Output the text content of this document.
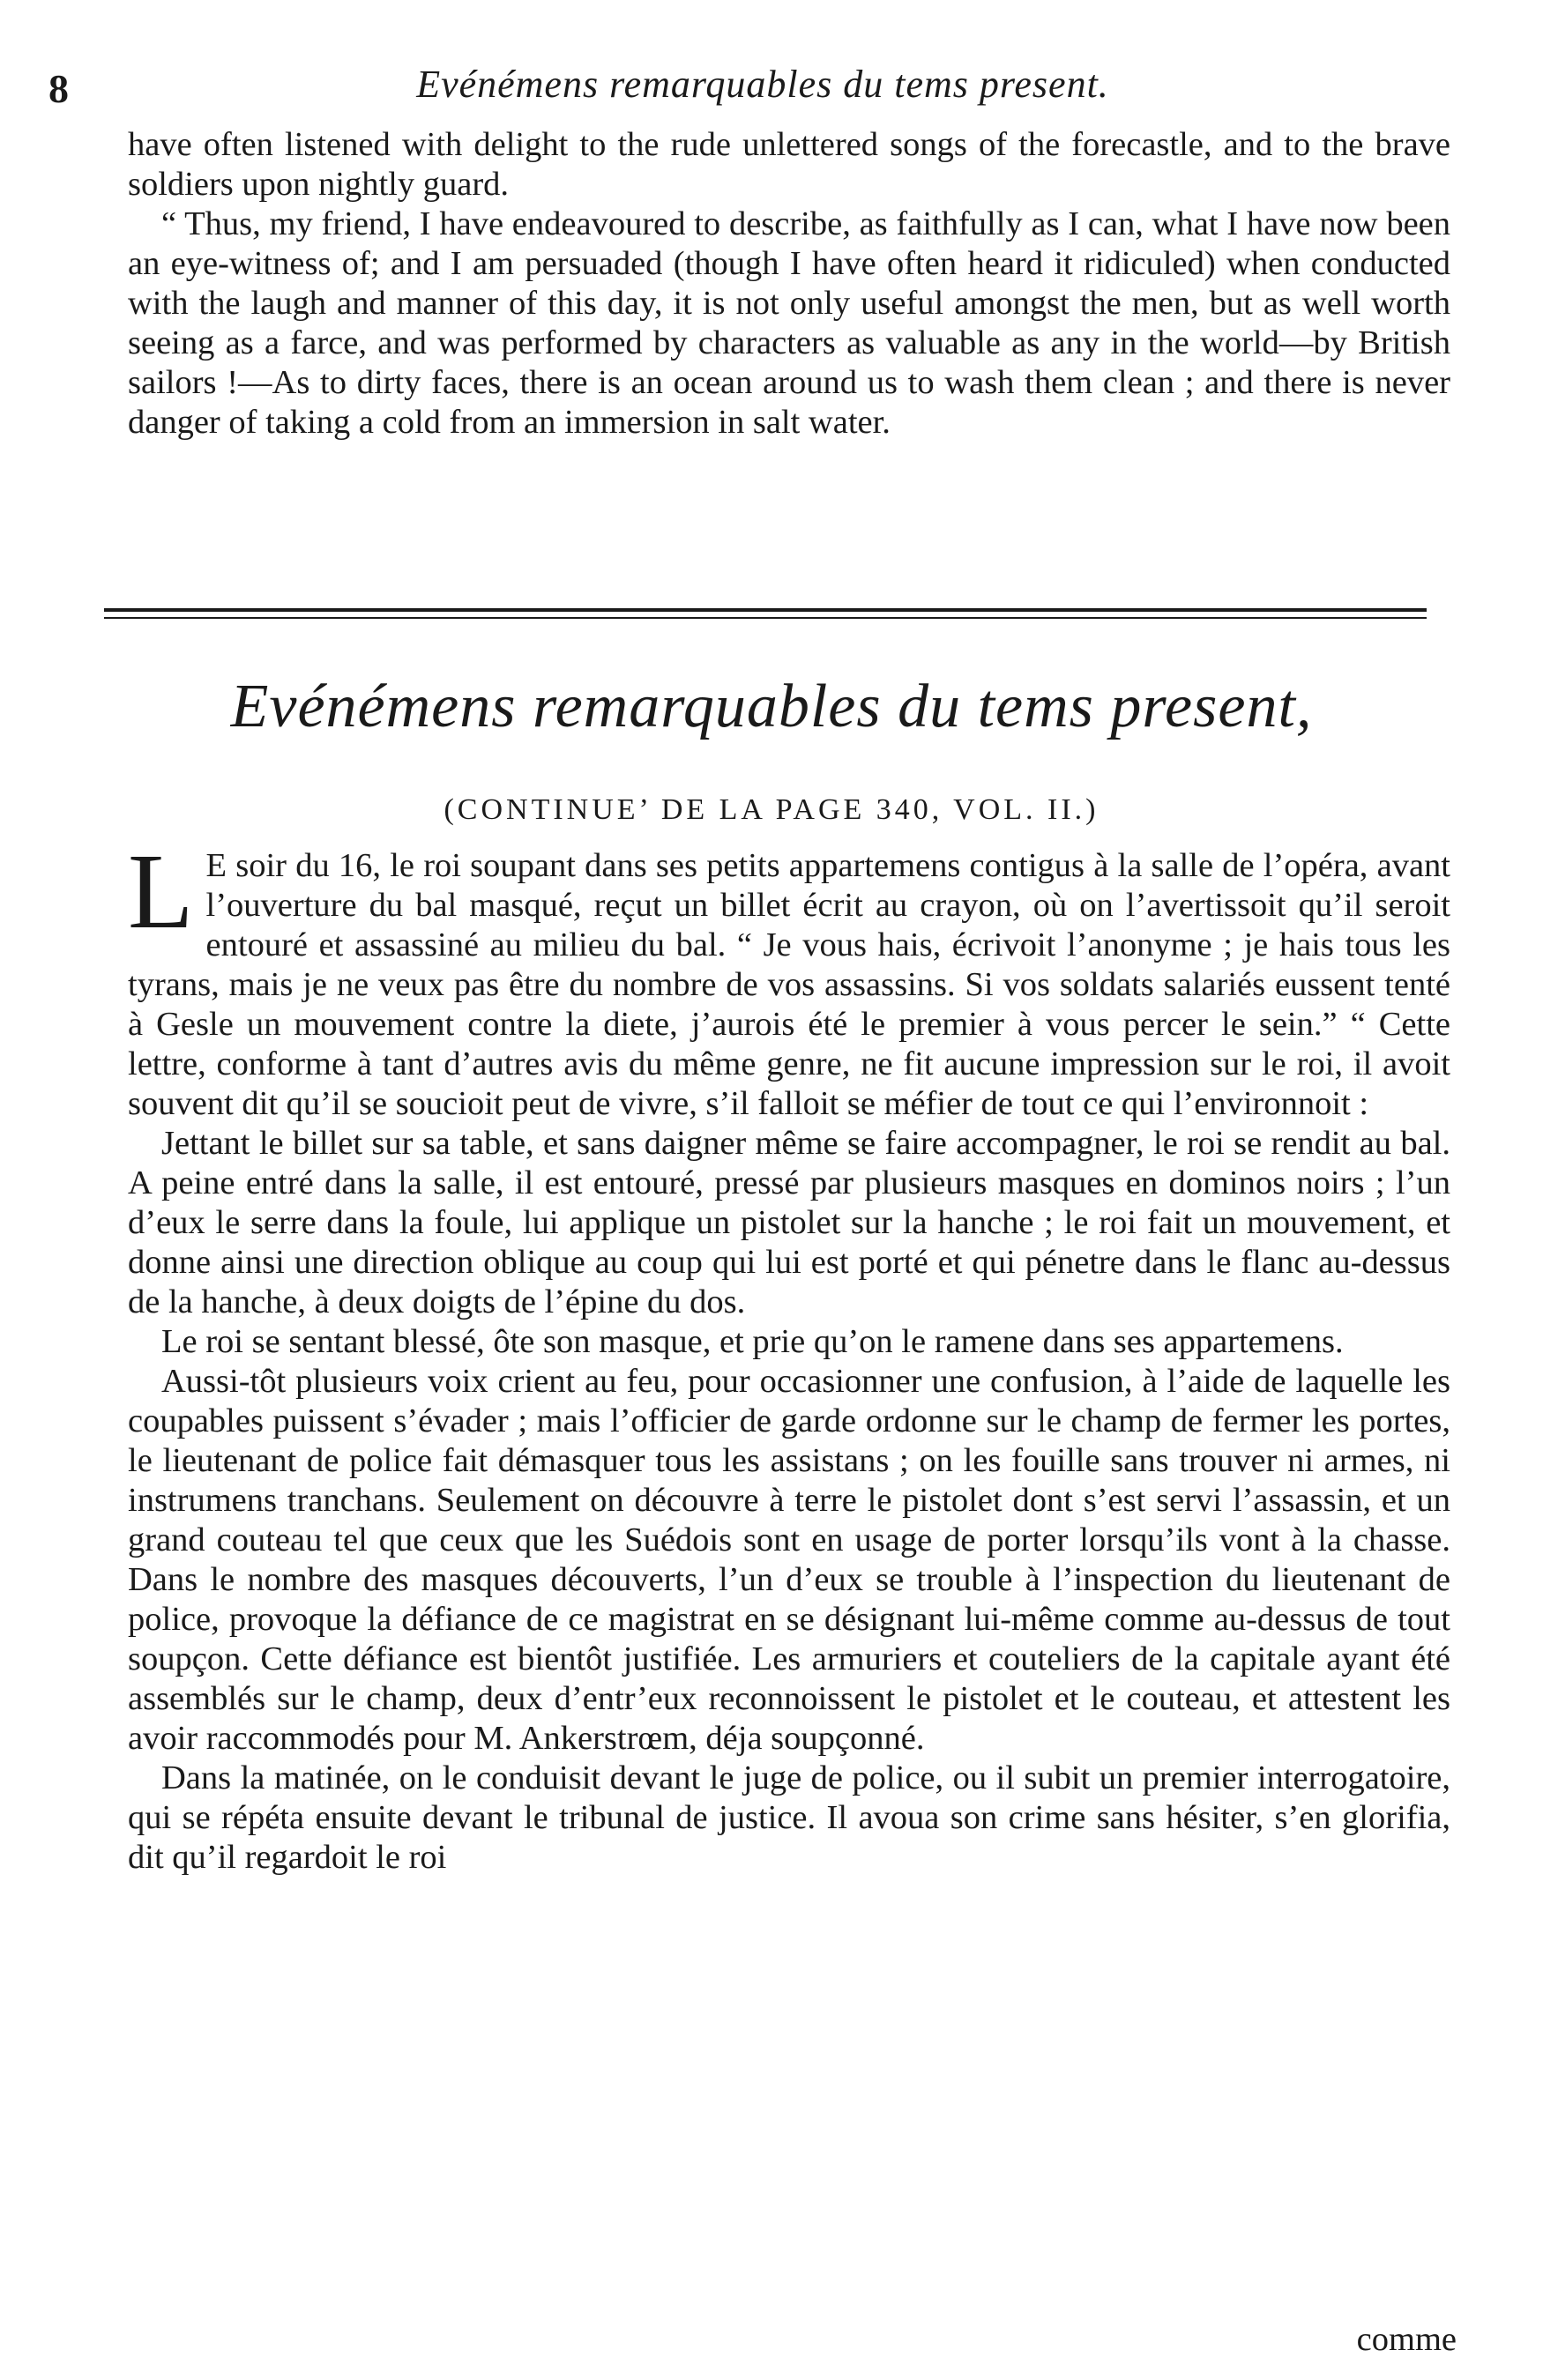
8	Evénémens remarquables du tems present.

have often listened with delight to the rude unlettered songs of the forecastle, and to the brave soldiers upon nightly guard.

“ Thus, my friend, I have endeavoured to describe, as faithfully as I can, what I have now been an eye-witness of; and I am persuaded (though I have often heard it ridiculed) when conducted with the laugh and manner of this day, it is not only useful amongst the men, but as well worth seeing as a farce, and was performed by characters as valuable as any in the world—by British sailors !—As to dirty faces, there is an ocean around us to wash them clean ; and there is never danger of taking a cold from an immersion in salt water.

Evénémens remarquables du tems present,
(CONTINUE’ DE LA PAGE 340, VOL. II.)

L E soir du 16, le roi soupant dans ses petits appartemens contigus à la salle de l’opéra, avant l’ouverture du bal masqué, reçut un billet écrit au crayon, où on l’avertissoit qu’il seroit entouré et assassiné au milieu du bal. “ Je vous hais, écrivoit l’anonyme ; je hais tous les tyrans, mais je ne veux pas être du nombre de vos assassins. Si vos soldats salariés eussent tenté à Gesle un mouvement contre la diete, j’aurois été le premier à vous percer le sein.” “ Cette lettre, conforme à tant d’autres avis du même genre, ne fit aucune impression sur le roi, il avoit souvent dit qu’il se soucioit peut de vivre, s’il falloit se méfier de tout ce qui l’environnoit :

Jettant le billet sur sa table, et sans daigner même se faire accompagner, le roi se rendit au bal. A peine entré dans la salle, il est entouré, pressé par plusieurs masques en dominos noirs ; l’un d’eux le serre dans la foule, lui applique un pistolet sur la hanche ; le roi fait un mouvement, et donne ainsi une direction oblique au coup qui lui est porté et qui pénetre dans le flanc au-dessus de la hanche, à deux doigts de l’épine du dos.

Le roi se sentant blessé, ôte son masque, et prie qu’on le ramene dans ses appartemens.

Aussi-tôt plusieurs voix crient au feu, pour occasionner une confusion, à l’aide de laquelle les coupables puissent s’évader ; mais l’officier de garde ordonne sur le champ de fermer les portes, le lieutenant de police fait démasquer tous les assistans ; on les fouille sans trouver ni armes, ni instrumens tranchans. Seulement on découvre à terre le pistolet dont s’est servi l’assassin, et un grand couteau tel que ceux que les Suédois sont en usage de porter lorsqu’ils vont à la chasse. Dans le nombre des masques découverts, l’un d’eux se trouble à l’inspection du lieutenant de police, provoque la défiance de ce magistrat en se désignant lui-même comme au-dessus de tout soupçon. Cette défiance est bientôt justifiée. Les armuriers et couteliers de la capitale ayant été assemblés sur le champ, deux d’entr’eux reconnoissent le pistolet et le couteau, et attestent les avoir raccommodés pour M. Ankerstrœm, déja soupçonné.

Dans la matinée, on le conduisit devant le juge de police, ou il subit un premier interrogatoire, qui se répéta ensuite devant le tribunal de justice. Il avoua son crime sans hésiter, s’en glorifia, dit qu’il regardoit le roi

comme
